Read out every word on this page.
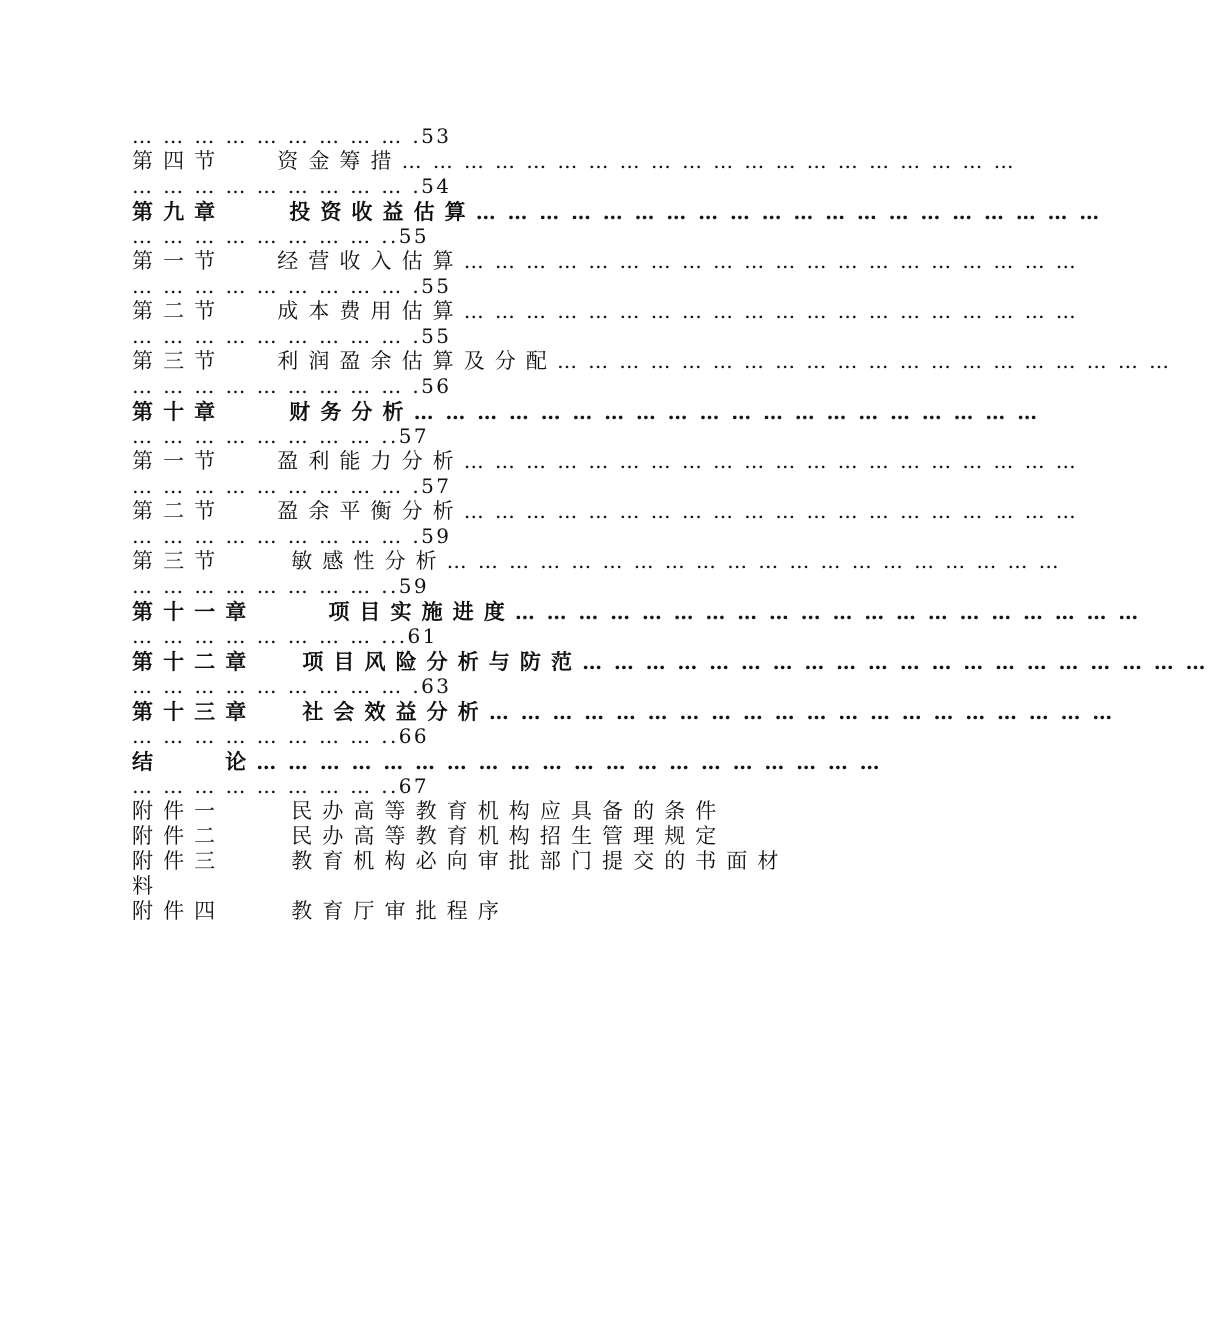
… … … … … … … … … .53
第四节 资金筹措… … … … … … … … … … … … … … … … … … … …
… … … … … … … … … .54
第九章	投资收益估算… … … … … … … … … … … … … … … … … … … …
… … … … … … … … ..55
第一节 经营收入估算… … … … … … … … … … … … … … … … … … … …
… … … … … … … … … .55
第二节 成本费用估算… … … … … … … … … … … … … … … … … … … …
… … … … … … … … … .55
第三节 利润盈余估算及分配… … … … … … … … … … … … … … … … … … … …
… … … … … … … … … .56
第十章	财务分析… … … … … … … … … … … … … … … … … … … …
… … … … … … … … ..57
第一节 盈利能力分析… … … … … … … … … … … … … … … … … … … …
… … … … … … … … … .57
第二节 盈余平衡分析… … … … … … … … … … … … … … … … … … … …
… … … … … … … … … .59
第三节	敏感性分析… … … … … … … … … … … … … … … … … … … …
… … … … … … … … ..59
第十一章	项目实施进度… … … … … … … … … … … … … … … … … … … …
… … … … … … … … ...61
第十二章 项目风险分析与防范… … … … … … … … … … … … … … … … … … … …
… … … … … … … … … .63
第十三章 社会效益分析… … … … … … … … … … … … … … … … … … … …
… … … … … … … … ..66
结	论… … … … … … … … … … … … … … … … … … … …
… … … … … … … … ..67
附件一	民办高等教育机构应具备的条件
附件二	民办高等教育机构招生管理规定
附件三	教育机构必向审批部门提交的书面材
料
附件四	教育厅审批程序
